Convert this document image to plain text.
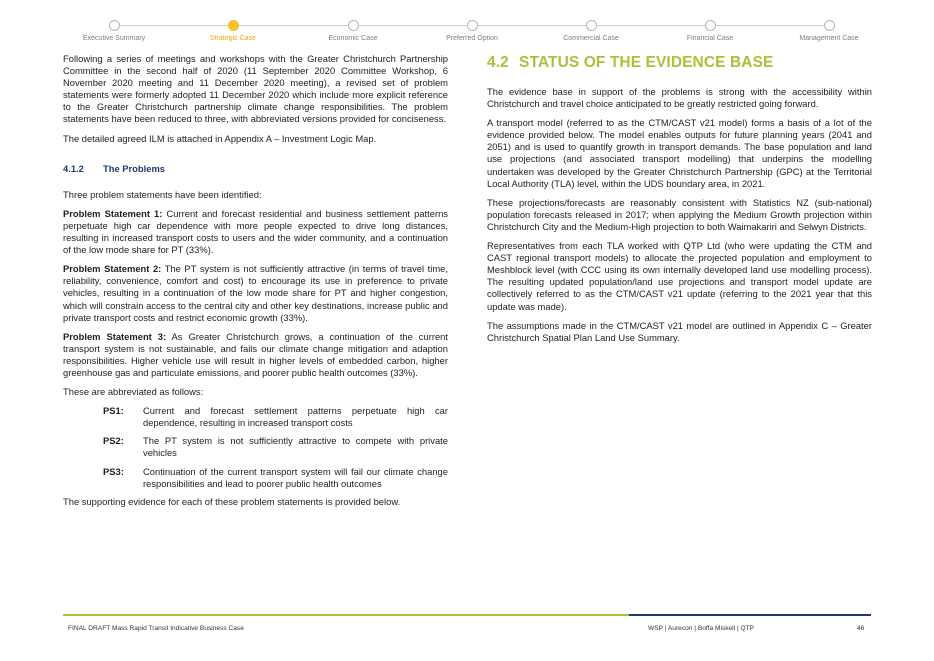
Executive Summary	Strategic Case	Economic Case	Preferred Option	Commercial Case	Financial Case	Management Case

Following a series of meetings and workshops with the Greater Christchurch Partnership Committee in the second half of 2020 (11 September 2020 Committee Workshop, 6 November 2020 meeting and 11 December 2020 meeting), a revised set of problem statements were formerly adopted 11 December 2020 which include more explicit reference to the Greater Christchurch partnership climate change responsibilities. The problem statements have been reduced to three, with abbreviated versions provided for conciseness.

The detailed agreed ILM is attached in Appendix A – Investment Logic Map.

4.1.2	The Problems

Three problem statements have been identified:

Problem Statement 1: Current and forecast residential and business settlement patterns perpetuate high car dependence with more people expected to drive long distances, resulting in increased transport costs to users and the wider community, and a continuation of the low mode share for PT (33%).

Problem Statement 2: The PT system is not sufficiently attractive (in terms of travel time, reliability, convenience, comfort and cost) to encourage its use in preference to private vehicles, resulting in a continuation of the low mode share for PT and higher congestion, which will constrain access to the central city and other key destinations, increase public and private transport costs and restrict economic growth (33%).

Problem Statement 3: As Greater Christchurch grows, a continuation of the current transport system is not sustainable, and fails our climate change mitigation and adaption responsibilities. Higher vehicle use will result in higher levels of embedded carbon, higher greenhouse gas and particulate emissions, and poorer public health outcomes (33%).

These are abbreviated as follows:

PS1:	Current and forecast settlement patterns perpetuate high car dependence, resulting in increased transport costs
PS2:	The PT system is not sufficiently attractive to compete with private vehicles
PS3:	Continuation of the current transport system will fail our climate change responsibilities and lead to poorer public health outcomes

The supporting evidence for each of these problem statements is provided below.

4.2 STATUS OF THE EVIDENCE BASE

The evidence base in support of the problems is strong with the accessibility within Christchurch and travel choice anticipated to be greatly restricted going forward.

A transport model (referred to as the CTM/CAST v21 model) forms a basis of a lot of the evidence provided below. The model enables outputs for future planning years (2041 and 2051) and is used to quantify growth in transport demands. The base population and land use projections (and associated transport modelling) that underpins the modelling undertaken was developed by the Greater Christchurch Partnership (GPC) at the Territorial Local Authority (TLA) level, within the UDS boundary area, in 2021.

These projections/forecasts are reasonably consistent with Statistics NZ (sub-national) population forecasts released in 2017; when applying the Medium Growth projection within Christchurch City and the Medium-High projection to both Waimakariri and Selwyn Districts.

Representatives from each TLA worked with QTP Ltd (who were updating the CTM and CAST regional transport models) to allocate the projected population and employment to Meshblock level (with CCC using its own internally developed land use modelling process). The resulting updated population/land use projections and transport model update are collectively referred to as the CTM/CAST v21 update (referring to the 2021 year that this update was made).

The assumptions made in the CTM/CAST v21 model are outlined in Appendix C – Greater Christchurch Spatial Plan Land Use Summary.

FINAL DRAFT Mass Rapid Transit Indicative Business Case	WSP | Aurecon | Boffa Miskell | QTP	46
